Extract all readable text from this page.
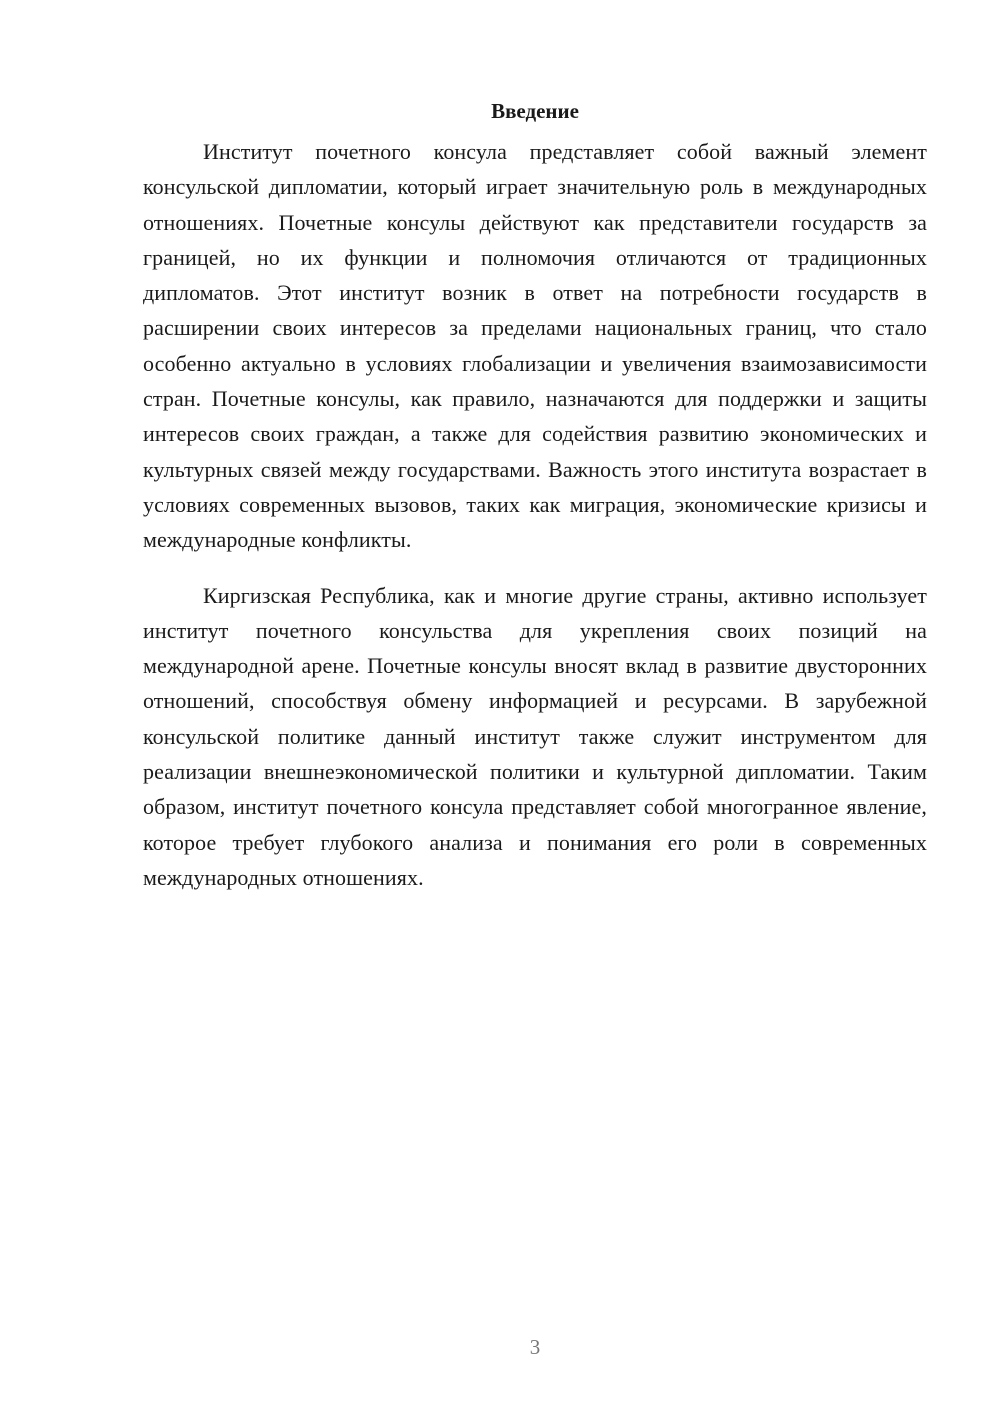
Введение

Институт почетного консула представляет собой важный элемент консульской дипломатии, который играет значительную роль в международных отношениях. Почетные консулы действуют как представители государств за границей, но их функции и полномочия отличаются от традиционных дипломатов. Этот институт возник в ответ на потребности государств в расширении своих интересов за пределами национальных границ, что стало особенно актуально в условиях глобализации и увеличения взаимозависимости стран. Почетные консулы, как правило, назначаются для поддержки и защиты интересов своих граждан, а также для содействия развитию экономических и культурных связей между государствами. Важность этого института возрастает в условиях современных вызовов, таких как миграция, экономические кризисы и международные конфликты.

Киргизская Республика, как и многие другие страны, активно использует институт почетного консульства для укрепления своих позиций на международной арене. Почетные консулы вносят вклад в развитие двусторонних отношений, способствуя обмену информацией и ресурсами. В зарубежной консульской политике данный институт также служит инструментом для реализации внешнеэкономической политики и культурной дипломатии. Таким образом, институт почетного консула представляет собой многогранное явление, которое требует глубокого анализа и понимания его роли в современных международных отношениях.

3
